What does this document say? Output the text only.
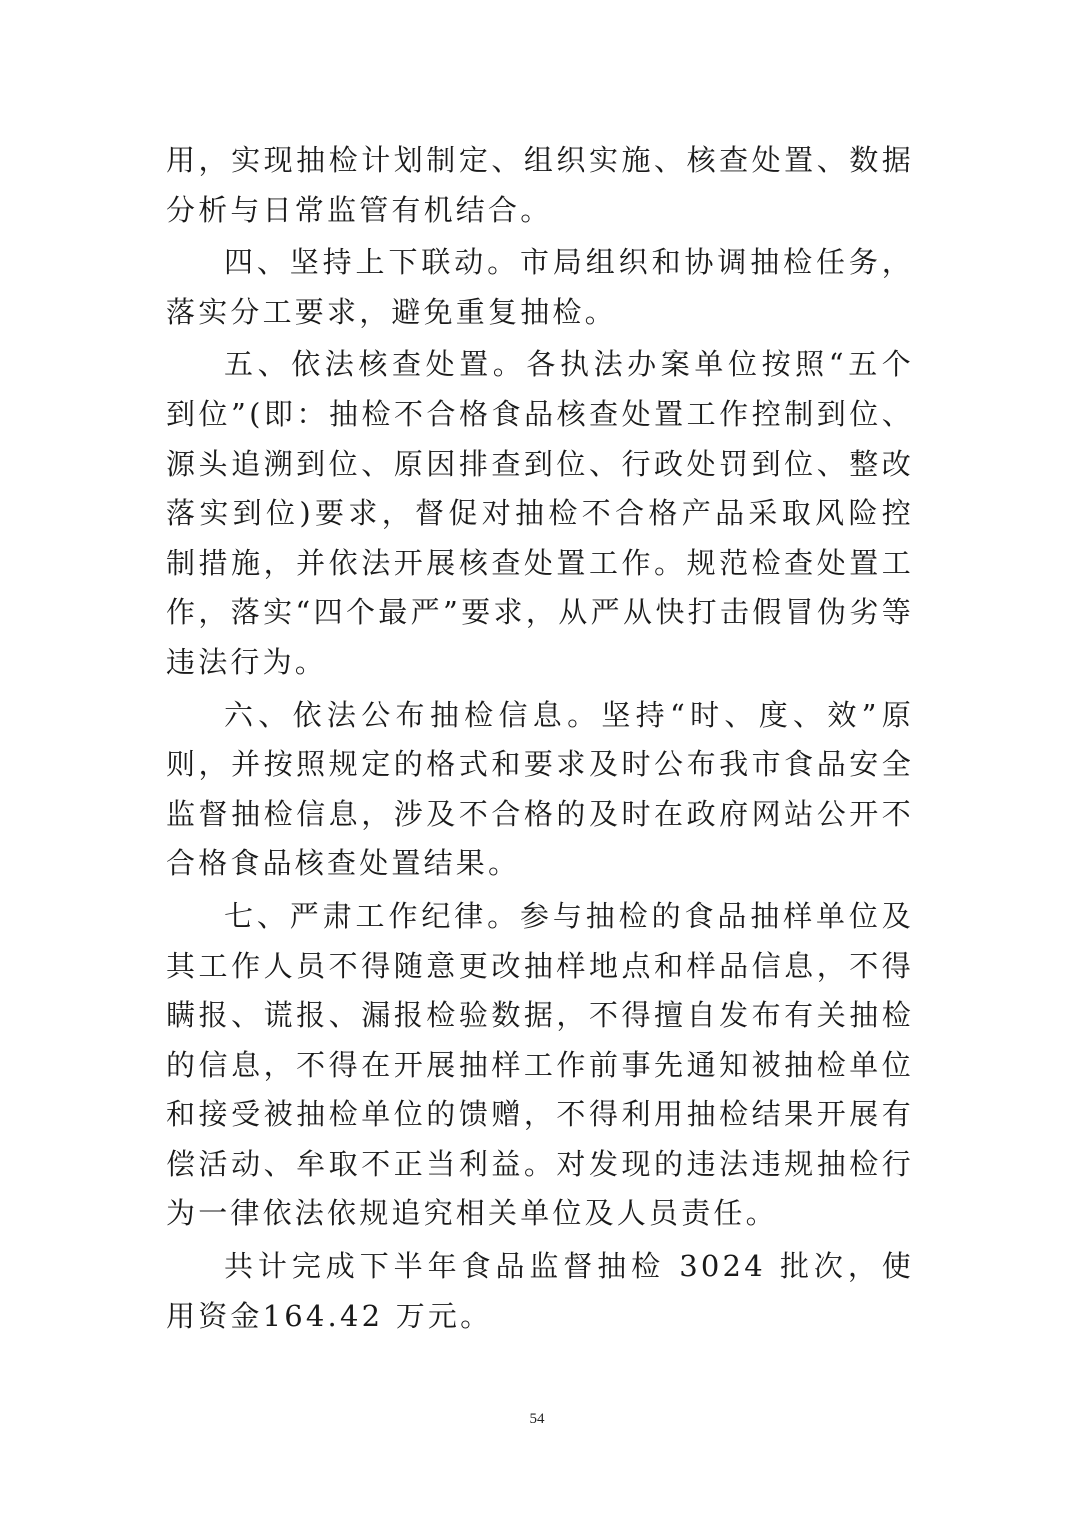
用，实现抽检计划制定、组织实施、核查处置、数据分析与日常监管有机结合。

四、坚持上下联动。市局组织和协调抽检任务，落实分工要求，避免重复抽检。

五、依法核查处置。各执法办案单位按照“五个到位”(即：抽检不合格食品核查处置工作控制到位、源头追溯到位、原因排查到位、行政处罚到位、整改落实到位)要求，督促对抽检不合格产品采取风险控制措施，并依法开展核查处置工作。规范检查处置工作，落实“四个最严”要求，从严从快打击假冒伪劣等违法行为。

六、依法公布抽检信息。坚持“时、度、效”原则，并按照规定的格式和要求及时公布我市食品安全监督抽检信息，涉及不合格的及时在政府网站公开不合格食品核查处置结果。

七、严肃工作纪律。参与抽检的食品抽样单位及其工作人员不得随意更改抽样地点和样品信息，不得瞒报、谎报、漏报检验数据，不得擅自发布有关抽检的信息，不得在开展抽样工作前事先通知被抽检单位和接受被抽检单位的馈赠，不得利用抽检结果开展有偿活动、牟取不正当利益。对发现的违法违规抽检行为一律依法依规追究相关单位及人员责任。

共计完成下半年食品监督抽检 3024 批次，使用资金164.42 万元。

54
